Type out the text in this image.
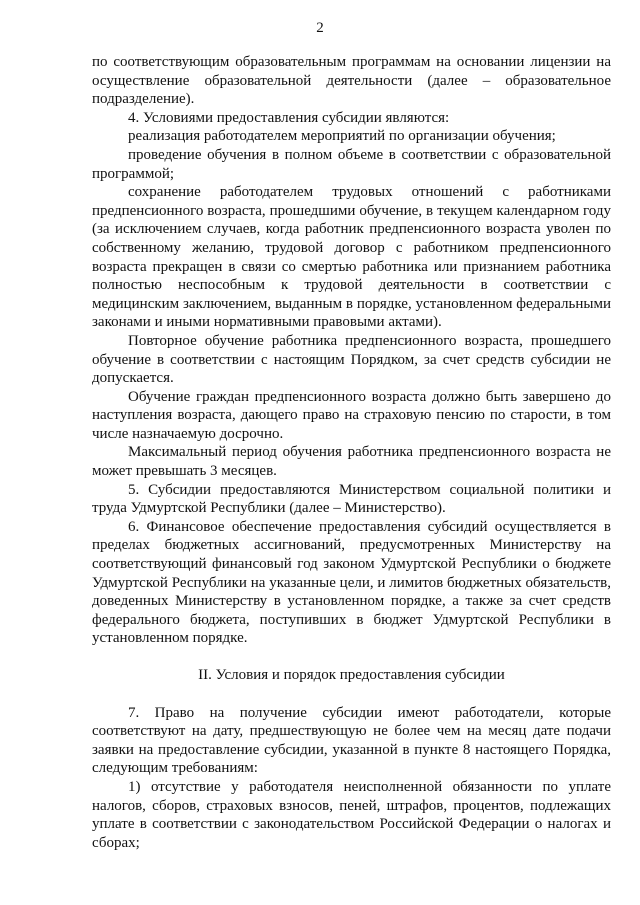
2

по соответствующим образовательным программам на основании лицензии на осуществление образовательной деятельности (далее – образовательное подразделение).

4. Условиями предоставления субсидии являются:

реализация работодателем мероприятий по организации обучения;

проведение обучения в полном объеме в соответствии с образовательной программой;

сохранение работодателем трудовых отношений с работниками предпенсионного возраста, прошедшими обучение, в текущем календарном году (за исключением случаев, когда работник предпенсионного возраста уволен по собственному желанию, трудовой договор с работником предпенсионного возраста прекращен в связи со смертью работника или признанием работника полностью неспособным к трудовой деятельности в соответствии с медицинским заключением, выданным в порядке, установленном федеральными законами и иными нормативными правовыми актами).

Повторное обучение работника предпенсионного возраста, прошедшего обучение в соответствии с настоящим Порядком, за счет средств субсидии не допускается.

Обучение граждан предпенсионного возраста должно быть завершено до наступления возраста, дающего право на страховую пенсию по старости, в том числе назначаемую досрочно.

Максимальный период обучения работника предпенсионного возраста не может превышать 3 месяцев.

5. Субсидии предоставляются Министерством социальной политики и труда Удмуртской Республики (далее – Министерство).

6. Финансовое обеспечение предоставления субсидий осуществляется в пределах бюджетных ассигнований, предусмотренных Министерству на соответствующий финансовый год законом Удмуртской Республики о бюджете Удмуртской Республики на указанные цели, и лимитов бюджетных обязательств, доведенных Министерству в установленном порядке, а также за счет средств федерального бюджета, поступивших в бюджет Удмуртской Республики в установленном порядке.

II. Условия и порядок предоставления субсидии

7. Право на получение субсидии имеют работодатели, которые соответствуют на дату, предшествующую не более чем на месяц дате подачи заявки на предоставление субсидии, указанной в пункте 8 настоящего Порядка, следующим требованиям:

1) отсутствие у работодателя неисполненной обязанности по уплате налогов, сборов, страховых взносов, пеней, штрафов, процентов, подлежащих уплате в соответствии с законодательством Российской Федерации о налогах и сборах;
